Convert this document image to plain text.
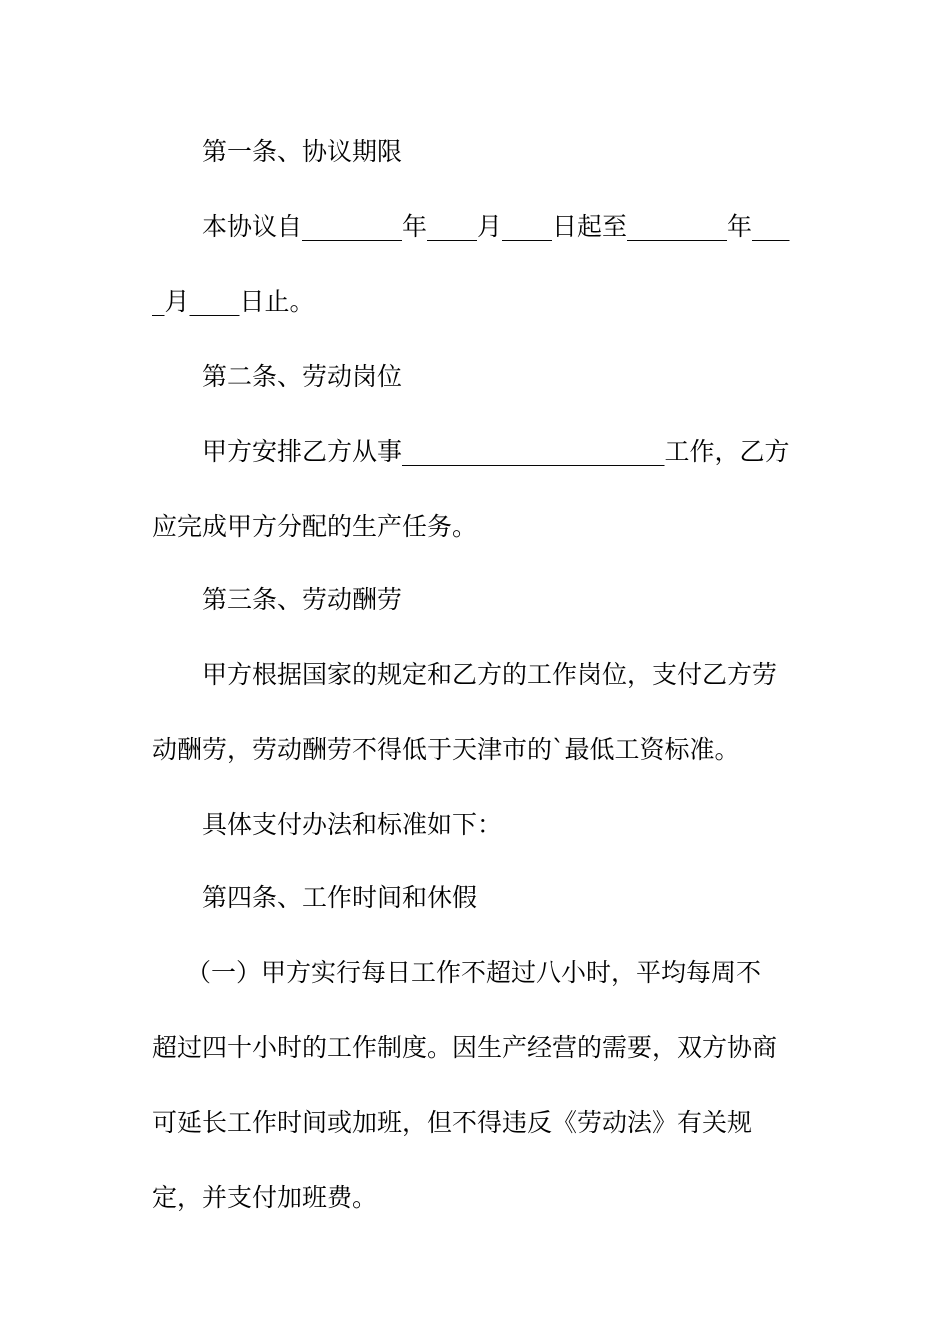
第一条、协议期限
本协议自________年____月____日起至________年___
_月____日止。
第二条、劳动岗位
甲方安排乙方从事_____________________工作，乙方
应完成甲方分配的生产任务。
第三条、劳动酬劳
甲方根据国家的规定和乙方的工作岗位，支付乙方劳
动酬劳，劳动酬劳不得低于天津市的`最低工资标准。
具体支付办法和标准如下：
第四条、工作时间和休假
（一）甲方实行每日工作不超过八小时，平均每周不
超过四十小时的工作制度。因生产经营的需要，双方协商
可延长工作时间或加班，但不得违反《劳动法》有关规
定，并支付加班费。
